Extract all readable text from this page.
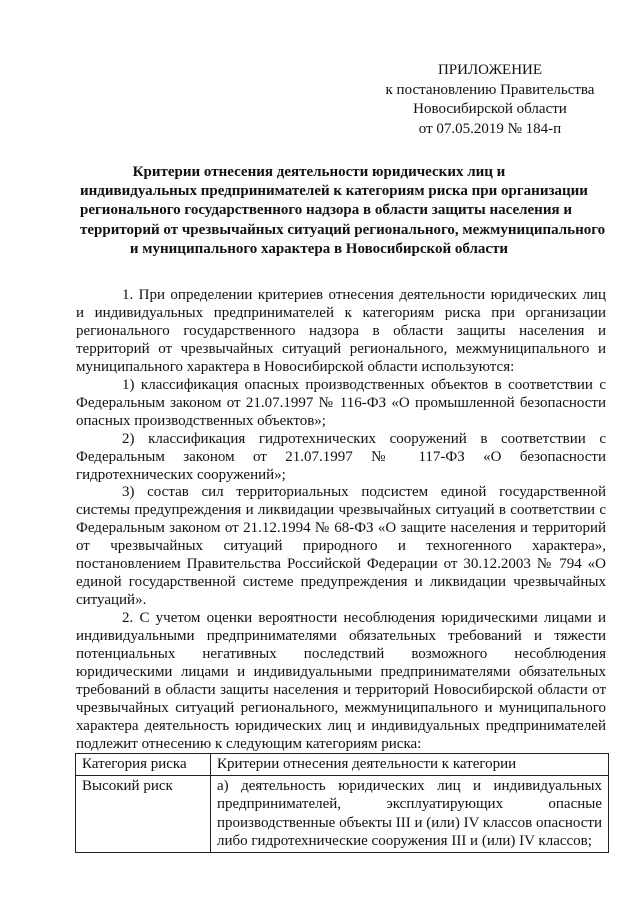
ПРИЛОЖЕНИЕ
к постановлению Правительства
Новосибирской области
от 07.05.2019 № 184-п
Критерии отнесения деятельности юридических лиц и
индивидуальных предпринимателей к категориям риска при организации
регионального государственного надзора в области защиты населения и
территорий от чрезвычайных ситуаций регионального, межмуниципального
и муниципального характера в Новосибирской области

1. При определении критериев отнесения деятельности юридических лиц и индивидуальных предпринимателей к категориям риска при организации регионального государственного надзора в области защиты населения и территорий от чрезвычайных ситуаций регионального, межмуниципального и муниципального характера в Новосибирской области используются:

1) классификация опасных производственных объектов в соответствии с Федеральным законом от 21.07.1997 № 116-ФЗ «О промышленной безопасности опасных производственных объектов»;

2) классификация гидротехнических сооружений в соответствии с Федеральным законом от 21.07.1997 № 117-ФЗ «О безопасности гидротехнических сооружений»;

3) состав сил территориальных подсистем единой государственной системы предупреждения и ликвидации чрезвычайных ситуаций в соответствии с Федеральным законом от 21.12.1994 № 68-ФЗ «О защите населения и территорий от чрезвычайных ситуаций природного и техногенного характера», постановлением Правительства Российской Федерации от 30.12.2003 № 794 «О единой государственной системе предупреждения и ликвидации чрезвычайных ситуаций».

2. С учетом оценки вероятности несоблюдения юридическими лицами и индивидуальными предпринимателями обязательных требований и тяжести потенциальных негативных последствий возможного несоблюдения юридическими лицами и индивидуальными предпринимателями обязательных требований в области защиты населения и территорий Новосибирской области от чрезвычайных ситуаций регионального, межмуниципального и муниципального характера деятельность юридических лиц и индивидуальных предпринимателей подлежит отнесению к следующим категориям риска:

Категория риска	Критерии отнесения деятельности к категории
Высокий риск	а) деятельность юридических лиц и индивидуальных предпринимателей, эксплуатирующих опасные производственные объекты III и (или) IV классов опасности либо гидротехнические сооружения III и (или) IV классов;
